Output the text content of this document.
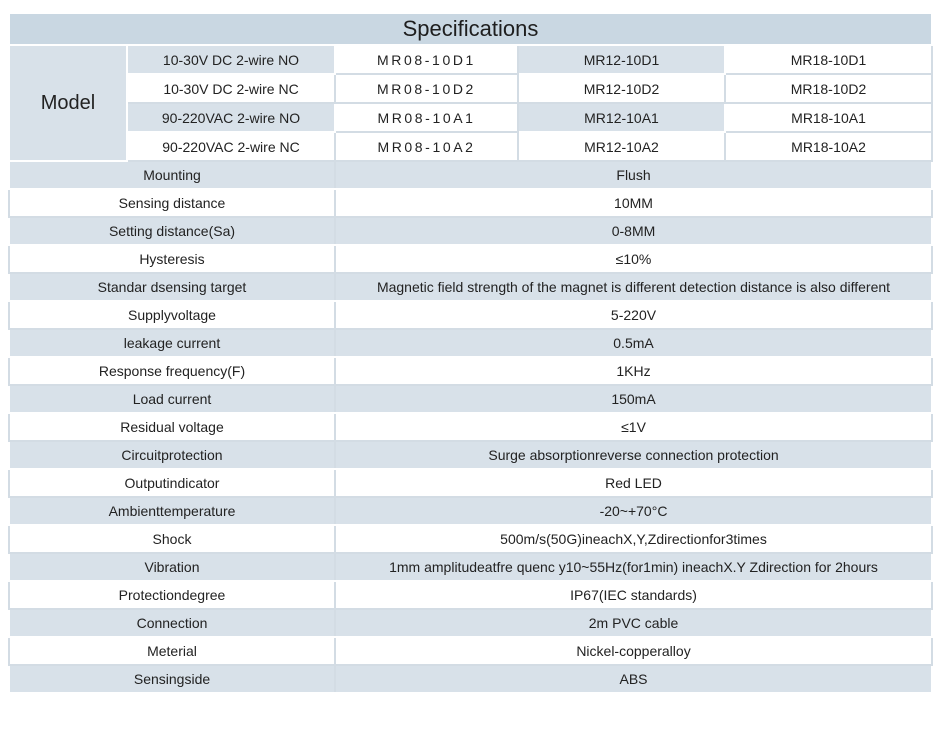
Specifications				
Model	10-30V DC 2-wire NO	MR08-10D1	MR12-10D1	MR18-10D1
	10-30V DC 2-wire NC	MR08-10D2	MR12-10D2	MR18-10D2
	90-220VAC 2-wire NO	MR08-10A1	MR12-10A1	MR18-10A1
	90-220VAC 2-wire NC	MR08-10A2	MR12-10A2	MR18-10A2
Mounting		Flush		
Sensing distance		10MM		
Setting distance(Sa)		0-8MM		
Hysteresis		≤10%		
Standar dsensing target		Magnetic field strength of the magnet is different detection distance is also different		
Supplyvoltage		5-220V		
leakage current		0.5mA		
Response frequency(F)		1KHz		
Load current		150mA		
Residual voltage		≤1V		
Circuitprotection		Surge absorptionreverse connection protection		
Outputindicator		Red LED		
Ambienttemperature		-20~+70°C		
Shock		500m/s(50G)ineachX,Y,Zdirectionfor3times		
Vibration		1mm amplitudeatfre quenc y10~55Hz(for1min) ineachX.Y Zdirection for 2hours		
Protectiondegree		IP67(IEC standards)		
Connection		2m PVC cable		
Meterial		Nickel-copperalloy		
Sensingside		ABS		
